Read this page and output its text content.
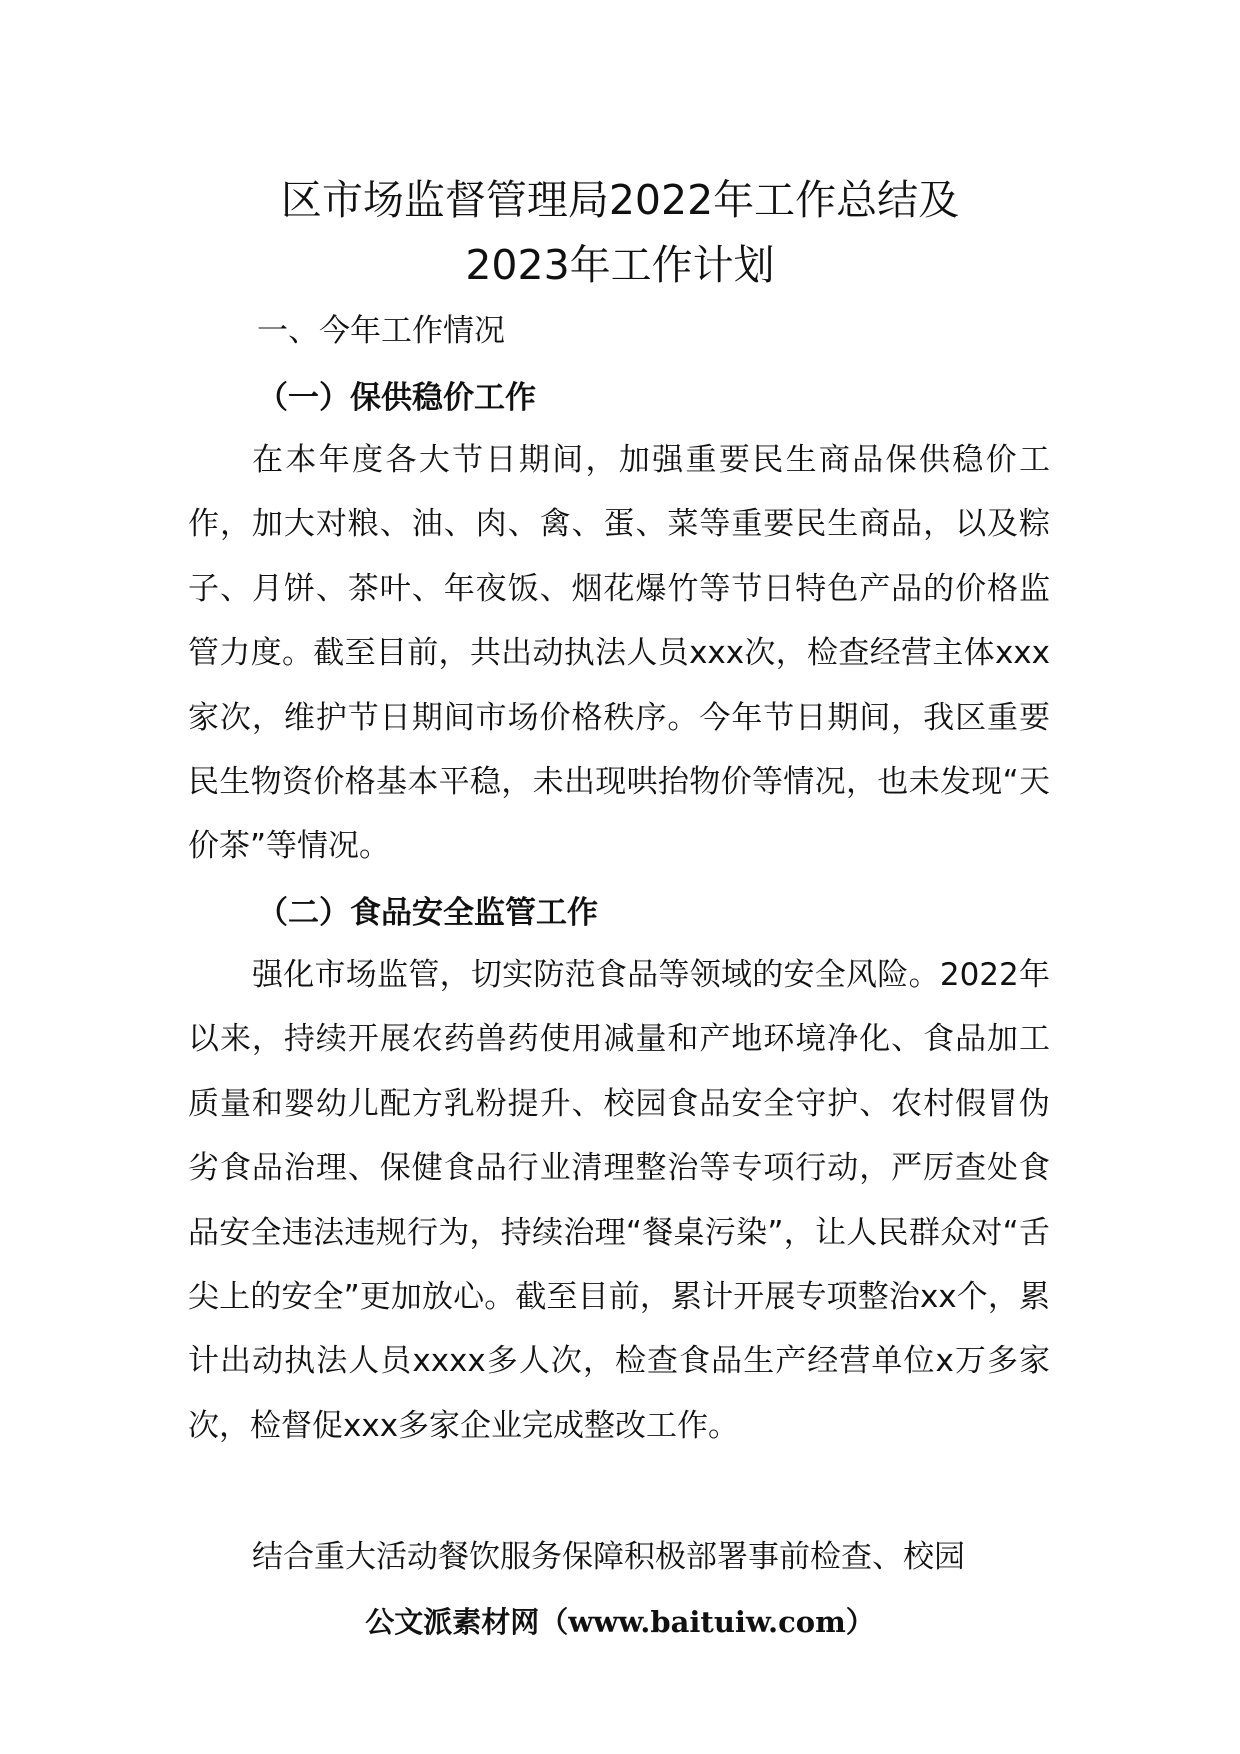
区市场监督管理局2022年工作总结及
2023年工作计划

一、今年工作情况

（一）保供稳价工作

在本年度各大节日期间，加强重要民生商品保供稳价工作，加大对粮、油、肉、禽、蛋、菜等重要民生商品，以及粽子、月饼、茶叶、年夜饭、烟花爆竹等节日特色产品的价格监管力度。截至目前，共出动执法人员xxx次，检查经营主体xxx家次，维护节日期间市场价格秩序。今年节日期间，我区重要民生物资价格基本平稳，未出现哄抬物价等情况，也未发现“天价茶”等情况。

（二）食品安全监管工作

强化市场监管，切实防范食品等领域的安全风险。2022年以来，持续开展农药兽药使用减量和产地环境净化、食品加工质量和婴幼儿配方乳粉提升、校园食品安全守护、农村假冒伪劣食品治理、保健食品行业清理整治等专项行动，严厉查处食品安全违法违规行为，持续治理“餐桌污染”，让人民群众对“舌尖上的安全”更加放心。截至目前，累计开展专项整治xx个，累计出动执法人员xxxx多人次，检查食品生产经营单位x万多家次，检督促xxx多家企业完成整改工作。

结合重大活动餐饮服务保障积极部署事前检查、校园

公文派素材网（www.baituiw.com）
